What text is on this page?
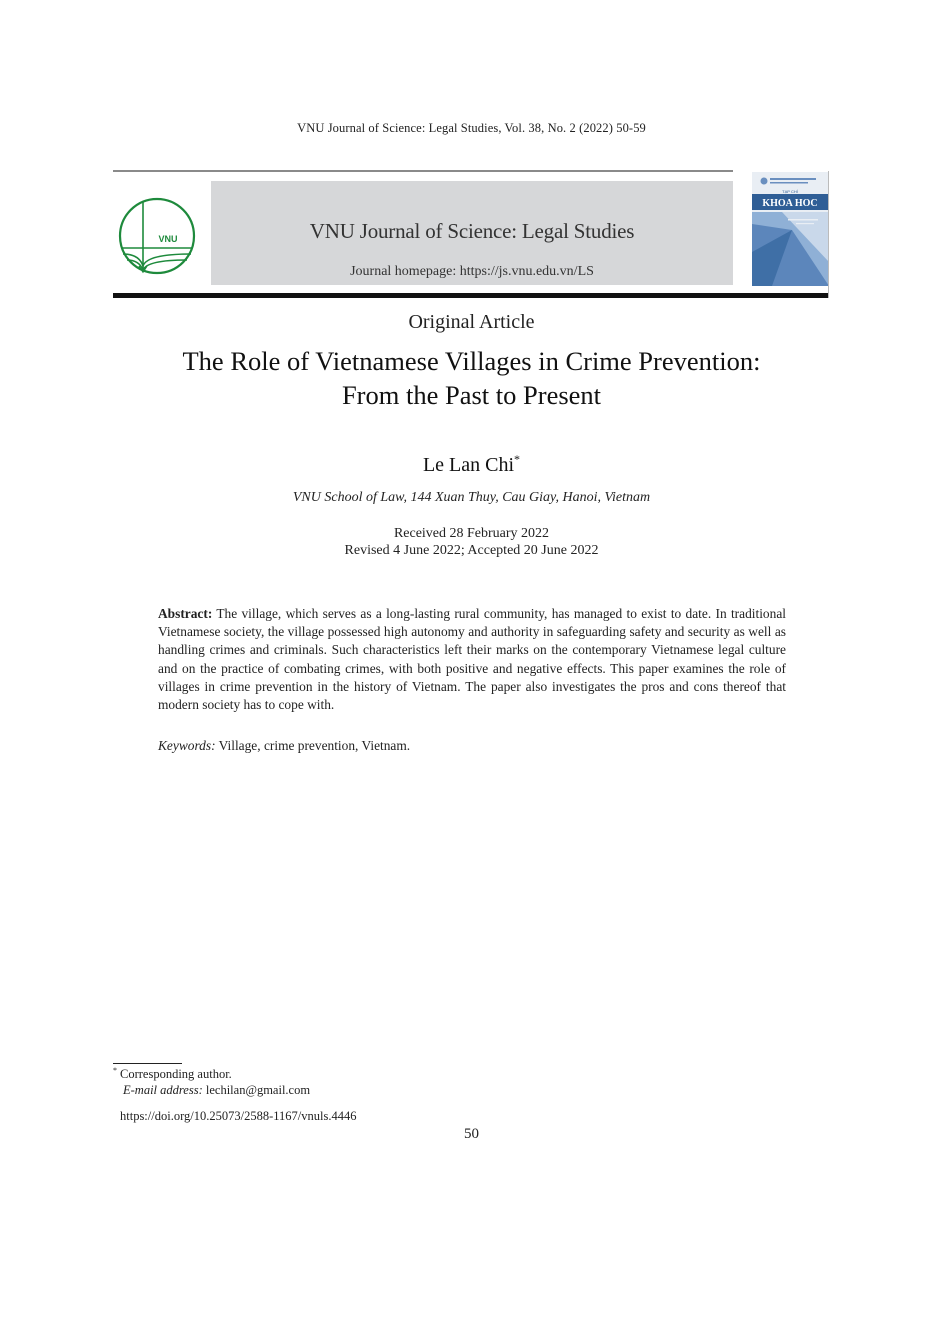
VNU Journal of Science: Legal Studies, Vol. 38, No. 2 (2022) 50-59
VNU	VNU Journal of Science: Legal Studies
Journal homepage: https://js.vnu.edu.vn/LS
TẠP CHÍ
KHOA HOC
Original Article
The Role of Vietnamese Villages in Crime Prevention:
From the Past to Present
Le Lan Chi*
VNU School of Law, 144 Xuan Thuy, Cau Giay, Hanoi, Vietnam
Received 28 February 2022
Revised 4 June 2022; Accepted 20 June 2022
Abstract: The village, which serves as a long-lasting rural community, has managed to exist to date. In traditional Vietnamese society, the village possessed high autonomy and authority in safeguarding safety and security as well as handling crimes and criminals. Such characteristics left their marks on the contemporary Vietnamese legal culture and on the practice of combating crimes, with both positive and negative effects. This paper examines the role of villages in crime prevention in the history of Vietnam. The paper also investigates the pros and cons thereof that modern society has to cope with.
Keywords: Village, crime prevention, Vietnam.
* Corresponding author.
E-mail address: lechilan@gmail.com
https://doi.org/10.25073/2588-1167/vnuls.4446
50
